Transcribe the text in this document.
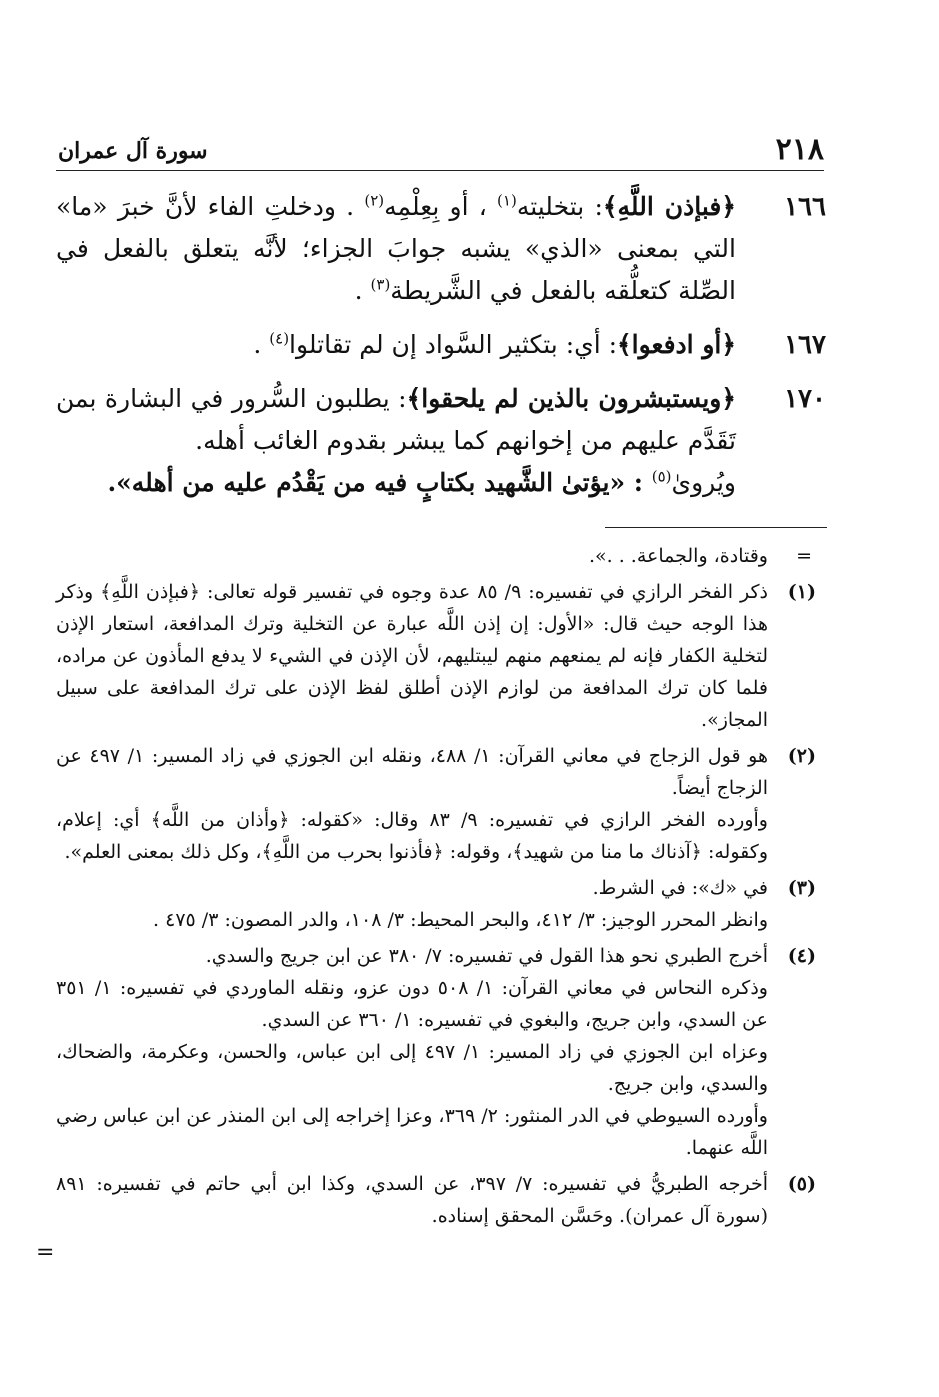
٢١٨
سورة آل عمران
١٦٦

﴿فبإذن اللَّهِ﴾: بتخليته$^{(١)}$ ، أو بِعِلْمِه$^{(٢)}$ . ودخلتِ الفاء لأنَّ خبرَ «ما» التي بمعنى «الذي» يشبه جوابَ الجزاء؛ لأنَّه يتعلق بالفعل في الصِّلة كتعلُّقه بالفعل في الشَّريطة$^{(٣)}$ .

١٦٧

﴿أو ادفعوا﴾: أي: بتكثير السَّواد إن لم تقاتلوا$^{(٤)}$ .

١٧٠

﴿ويستبشرون بالذين لم يلحقوا﴾: يطلبون السُّرور في البشارة بمن تَقَدَّم عليهم من إخوانهم كما يبشر بقدوم الغائب أهله.

ويُروىٰ$^{(٥)}$ : «يؤتىٰ الشَّهيد بكتابٍ فيه من يَقْدُم عليه من أهله».

=

وقتادة، والجماعة. . .».

(١)

ذكر الفخر الرازي في تفسيره: ٩/ ٨٥ عدة وجوه في تفسير قوله تعالى: ﴿فبإذن اللَّهِ﴾ وذكر هذا الوجه حيث قال: «الأول: إن إذن اللَّه عبارة عن التخلية وترك المدافعة، استعار الإذن لتخلية الكفار فإنه لم يمنعهم منهم ليبتليهم، لأن الإذن في الشيء لا يدفع المأذون عن مراده، فلما كان ترك المدافعة من لوازم الإذن أطلق لفظ الإذن على ترك المدافعة على سبيل المجاز».

(٢)

هو قول الزجاج في معاني القرآن: ١/ ٤٨٨، ونقله ابن الجوزي في زاد المسير: ١/ ٤٩٧ عن الزجاج أيضاً.

وأورده الفخر الرازي في تفسيره: ٩/ ٨٣ وقال: «كقوله: ﴿وأذان من اللَّه﴾ أي: إعلام، وكقوله: ﴿آذناك ما منا من شهيد﴾، وقوله: ﴿فأذنوا بحرب من اللَّهِ﴾، وكل ذلك بمعنى العلم».

(٣)

في «ك»: في الشرط.

وانظر المحرر الوجيز: ٣/ ٤١٢، والبحر المحيط: ٣/ ١٠٨، والدر المصون: ٣/ ٤٧٥ .

(٤)

أخرج الطبري نحو هذا القول في تفسيره: ٧/ ٣٨٠ عن ابن جريج والسدي.

وذكره النحاس في معاني القرآن: ١/ ٥٠٨ دون عزو، ونقله الماوردي في تفسيره: ١/ ٣٥١ عن السدي، وابن جريج، والبغوي في تفسيره: ١/ ٣٦٠ عن السدي.

وعزاه ابن الجوزي في زاد المسير: ١/ ٤٩٧ إلى ابن عباس، والحسن، وعكرمة، والضحاك، والسدي، وابن جريج.

وأورده السيوطي في الدر المنثور: ٢/ ٣٦٩، وعزا إخراجه إلى ابن المنذر عن ابن عباس رضي اللَّه عنهما.

(٥)

أخرجه الطبريُّ في تفسيره: ٧/ ٣٩٧، عن السدي، وكذا ابن أبي حاتم في تفسيره: ٨٩١ (سورة آل عمران). وحَسَّن المحقق إسناده.

=
